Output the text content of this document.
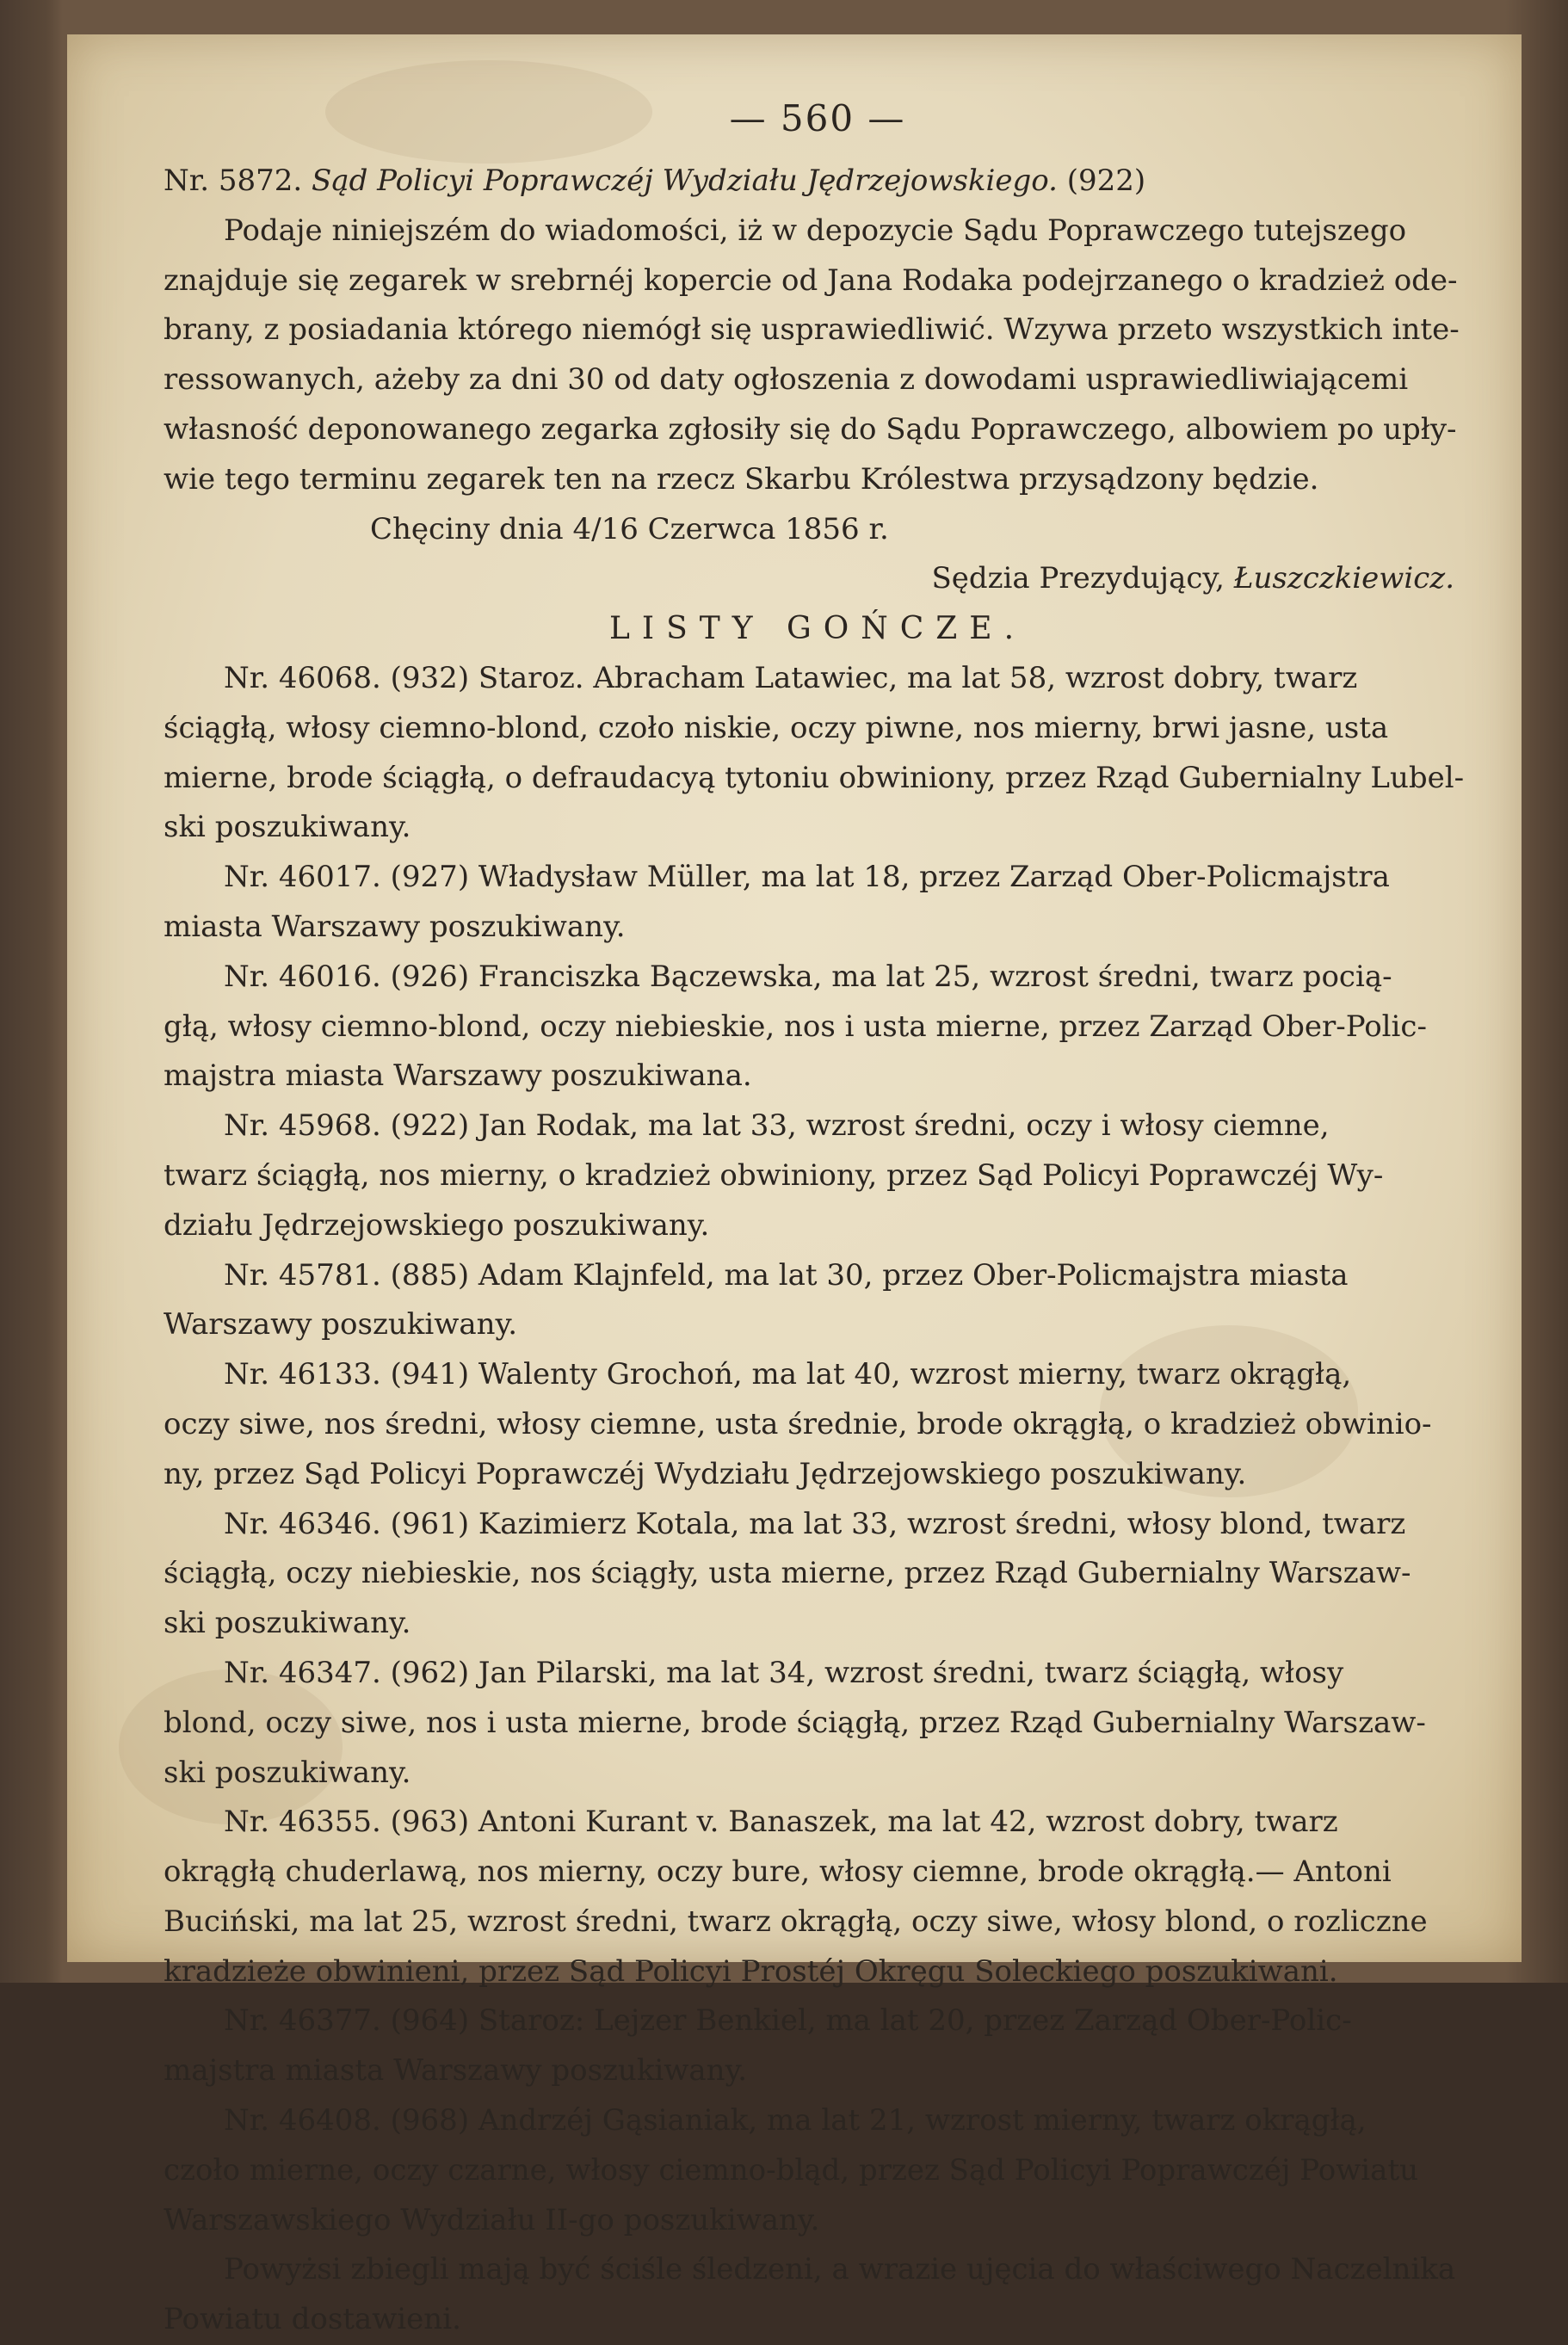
— 560 —
Nr. 5872. Sąd Policyi Poprawczéj Wydziału Jędrzejowskiego. (922)
Podaje niniejszém do wiadomości, iż w depozycie Sądu Poprawczego tutejszego
znajduje się zegarek w srebrnéj kopercie od Jana Rodaka podejrzanego o kradzież ode-
brany, z posiadania którego niemógł się usprawiedliwić. Wzywa przeto wszystkich inte-
ressowanych, ażeby za dni 30 od daty ogłoszenia z dowodami usprawiedliwiającemi
własność deponowanego zegarka zgłosiły się do Sądu Poprawczego, albowiem po upły-
wie tego terminu zegarek ten na rzecz Skarbu Królestwa przysądzony będzie.
Chęciny dnia 4/16 Czerwca 1856 r.
Sędzia Prezydujący, Łuszczkiewicz.
LISTY GOŃCZE.
Nr. 46068. (932) Staroz. Abracham Latawiec, ma lat 58, wzrost dobry, twarz
ściągłą, włosy ciemno-blond, czoło niskie, oczy piwne, nos mierny, brwi jasne, usta
mierne, brode ściągłą, o defraudacyą tytoniu obwiniony, przez Rząd Gubernialny Lubel-
ski poszukiwany.
Nr. 46017. (927) Władysław Müller, ma lat 18, przez Zarząd Ober-Policmajstra
miasta Warszawy poszukiwany.
Nr. 46016. (926) Franciszka Bączewska, ma lat 25, wzrost średni, twarz pocią-
głą, włosy ciemno-blond, oczy niebieskie, nos i usta mierne, przez Zarząd Ober-Polic-
majstra miasta Warszawy poszukiwana.
Nr. 45968. (922) Jan Rodak, ma lat 33, wzrost średni, oczy i włosy ciemne,
twarz ściągłą, nos mierny, o kradzież obwiniony, przez Sąd Policyi Poprawczéj Wy-
działu Jędrzejowskiego poszukiwany.
Nr. 45781. (885) Adam Klajnfeld, ma lat 30, przez Ober-Policmajstra miasta
Warszawy poszukiwany.
Nr. 46133. (941) Walenty Grochoń, ma lat 40, wzrost mierny, twarz okrągłą,
oczy siwe, nos średni, włosy ciemne, usta średnie, brode okrągłą, o kradzież obwinio-
ny, przez Sąd Policyi Poprawczéj Wydziału Jędrzejowskiego poszukiwany.
Nr. 46346. (961) Kazimierz Kotala, ma lat 33, wzrost średni, włosy blond, twarz
ściągłą, oczy niebieskie, nos ściągły, usta mierne, przez Rząd Gubernialny Warszaw-
ski poszukiwany.
Nr. 46347. (962) Jan Pilarski, ma lat 34, wzrost średni, twarz ściągłą, włosy
blond, oczy siwe, nos i usta mierne, brode ściągłą, przez Rząd Gubernialny Warszaw-
ski poszukiwany.
Nr. 46355. (963) Antoni Kurant v. Banaszek, ma lat 42, wzrost dobry, twarz
okrągłą chuderlawą, nos mierny, oczy bure, włosy ciemne, brode okrągłą.— Antoni
Buciński, ma lat 25, wzrost średni, twarz okrągłą, oczy siwe, włosy blond, o rozliczne
kradzieże obwinieni, przez Sąd Policyi Prostéj Okręgu Soleckiego poszukiwani.
Nr. 46377. (964) Staroz: Lejzer Benkiel, ma lat 20, przez Zarząd Ober-Polic-
majstra miasta Warszawy poszukiwany.
Nr. 46408. (968) Andrzéj Gąsianiak, ma lat 21, wzrost mierny, twarz okrągłą,
czoło mierne, oczy czarne, włosy ciemno-bląd, przez Sąd Policyi Poprawczéj Powiatu
Warszawskiego Wydziału II-go poszukiwany.
Powyżsi zbiegli mają być ściśle śledzeni, a wrazie ujęcia do właściwego Naczelnika
Powiatu dostawieni.
